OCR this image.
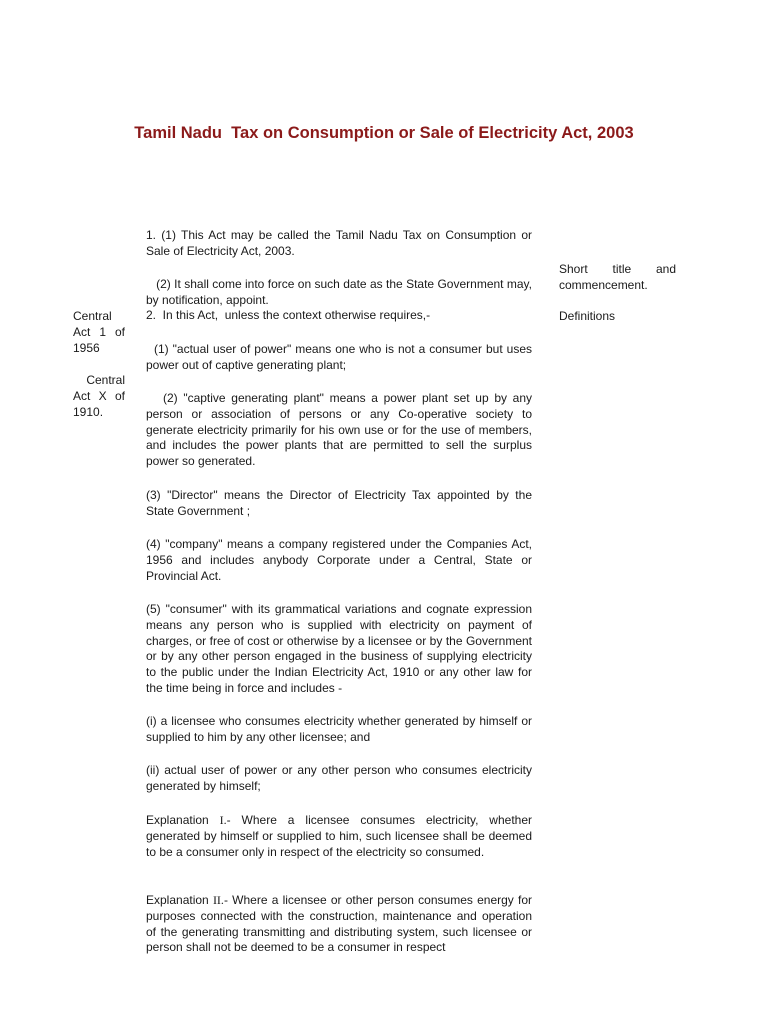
Tamil Nadu  Tax on Consumption or Sale of Electricity Act, 2003

1. (1) This Act may be called the Tamil Nadu Tax on Consumption or Sale of Electricity Act, 2003.

(2) It shall come into force on such date as the State Government may, by notification, appoint.

2.  In this Act,  unless the context otherwise requires,-

(1) "actual user of power" means one who is not a consumer but uses power out of captive generating plant;

(2) "captive generating plant" means a power plant set up by any person or association of persons or any Co-operative society to generate electricity primarily for his own use or for the use of members,  and includes the power plants that are permitted to sell the surplus power so generated.

(3) "Director" means the Director of Electricity Tax appointed by the State Government ;

(4) "company" means a company registered under the Companies Act, 1956 and includes anybody Corporate under a Central, State or Provincial Act.

(5) "consumer" with its grammatical variations and cognate expression means any person who is supplied with electricity on payment of charges, or free of cost or otherwise by a licensee or by the Government or by any other person engaged in the business of supplying electricity to the public under the Indian Electricity Act, 1910 or any other law for the time being in force and includes -

(i) a licensee who consumes electricity whether generated by himself or supplied to him by any other licensee; and

(ii) actual user of power or any other person who consumes electricity generated by himself;

Explanation I.- Where a licensee consumes electricity, whether generated by himself or supplied to him, such licensee shall be deemed to be a consumer only in respect of the electricity so consumed.

Explanation II.- Where a licensee or other person consumes energy for purposes connected with the construction, maintenance and operation of the generating transmitting and distributing system, such licensee or person shall not be deemed to be a consumer in respect

Central Act 1 of 1956

Central Act X of 1910.

Short title and commencement.

Definitions
